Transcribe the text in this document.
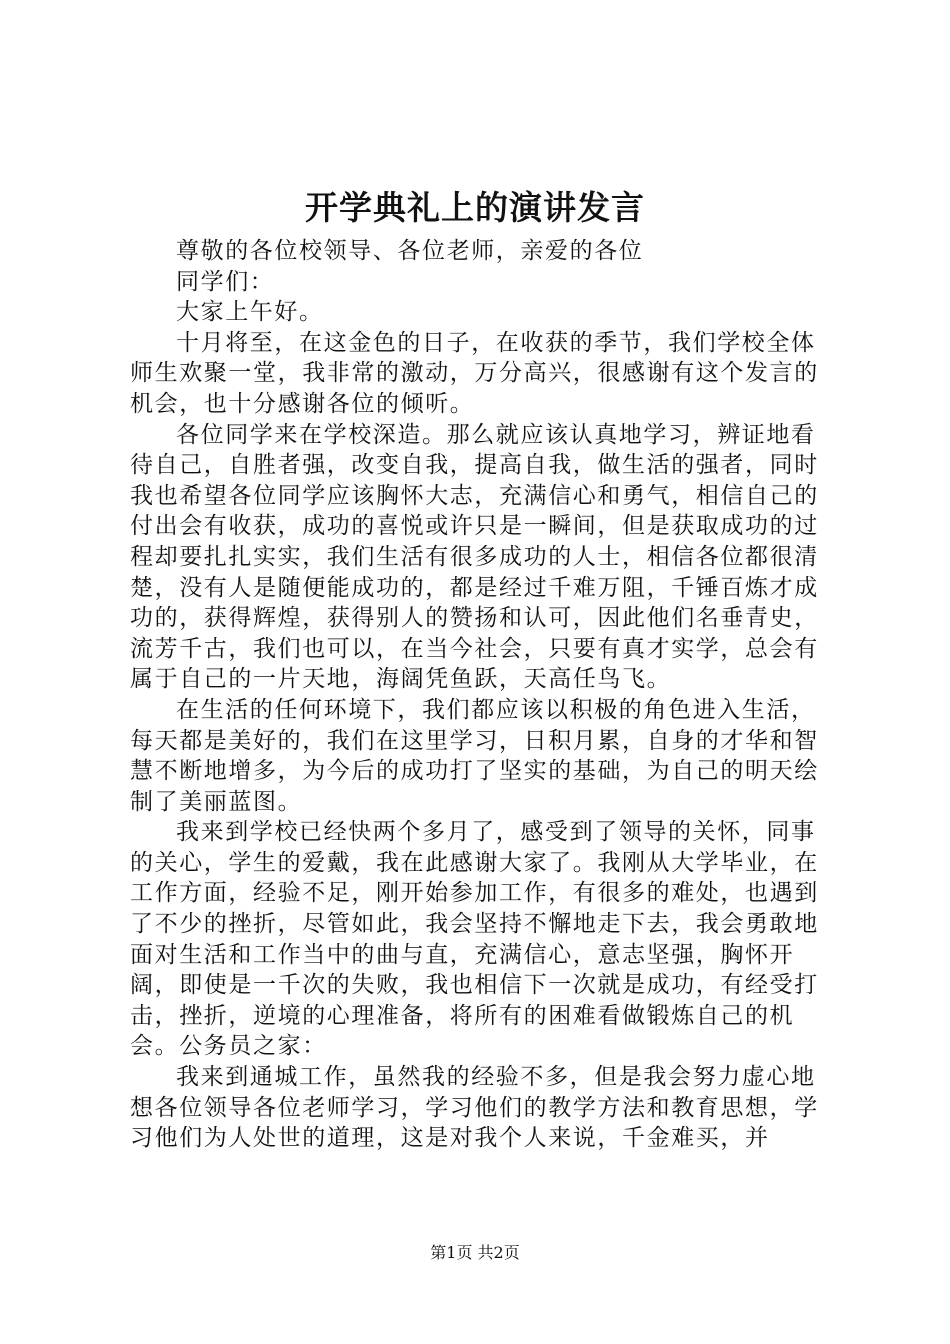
开学典礼上的演讲发言

尊敬的各位校领导、各位老师，亲爱的各位

同学们：

大家上午好。

十月将至，在这金色的日子，在收获的季节，我们学校全体师生欢聚一堂，我非常的激动，万分高兴，很感谢有这个发言的机会，也十分感谢各位的倾听。

各位同学来在学校深造。那么就应该认真地学习，辨证地看待自己，自胜者强，改变自我，提高自我，做生活的强者，同时我也希望各位同学应该胸怀大志，充满信心和勇气，相信自己的付出会有收获，成功的喜悦或许只是一瞬间，但是获取成功的过程却要扎扎实实，我们生活有很多成功的人士，相信各位都很清楚，没有人是随便能成功的，都是经过千难万阻，千锤百炼才成功的，获得辉煌，获得别人的赞扬和认可，因此他们名垂青史，流芳千古，我们也可以，在当今社会，只要有真才实学，总会有属于自己的一片天地，海阔凭鱼跃，天高任鸟飞。

在生活的任何环境下，我们都应该以积极的角色进入生活，每天都是美好的，我们在这里学习，日积月累，自身的才华和智慧不断地增多，为今后的成功打了坚实的基础，为自己的明天绘制了美丽蓝图。

我来到学校已经快两个多月了，感受到了领导的关怀，同事的关心，学生的爱戴，我在此感谢大家了。我刚从大学毕业，在工作方面，经验不足，刚开始参加工作，有很多的难处，也遇到了不少的挫折，尽管如此，我会坚持不懈地走下去，我会勇敢地面对生活和工作当中的曲与直，充满信心，意志坚强，胸怀开阔，即使是一千次的失败，我也相信下一次就是成功，有经受打击，挫折，逆境的心理准备，将所有的困难看做锻炼自己的机会。公务员之家：

我来到通城工作，虽然我的经验不多，但是我会努力虚心地想各位领导各位老师学习，学习他们的教学方法和教育思想，学习他们为人处世的道理，这是对我个人来说，千金难买，并

第1页 共2页
